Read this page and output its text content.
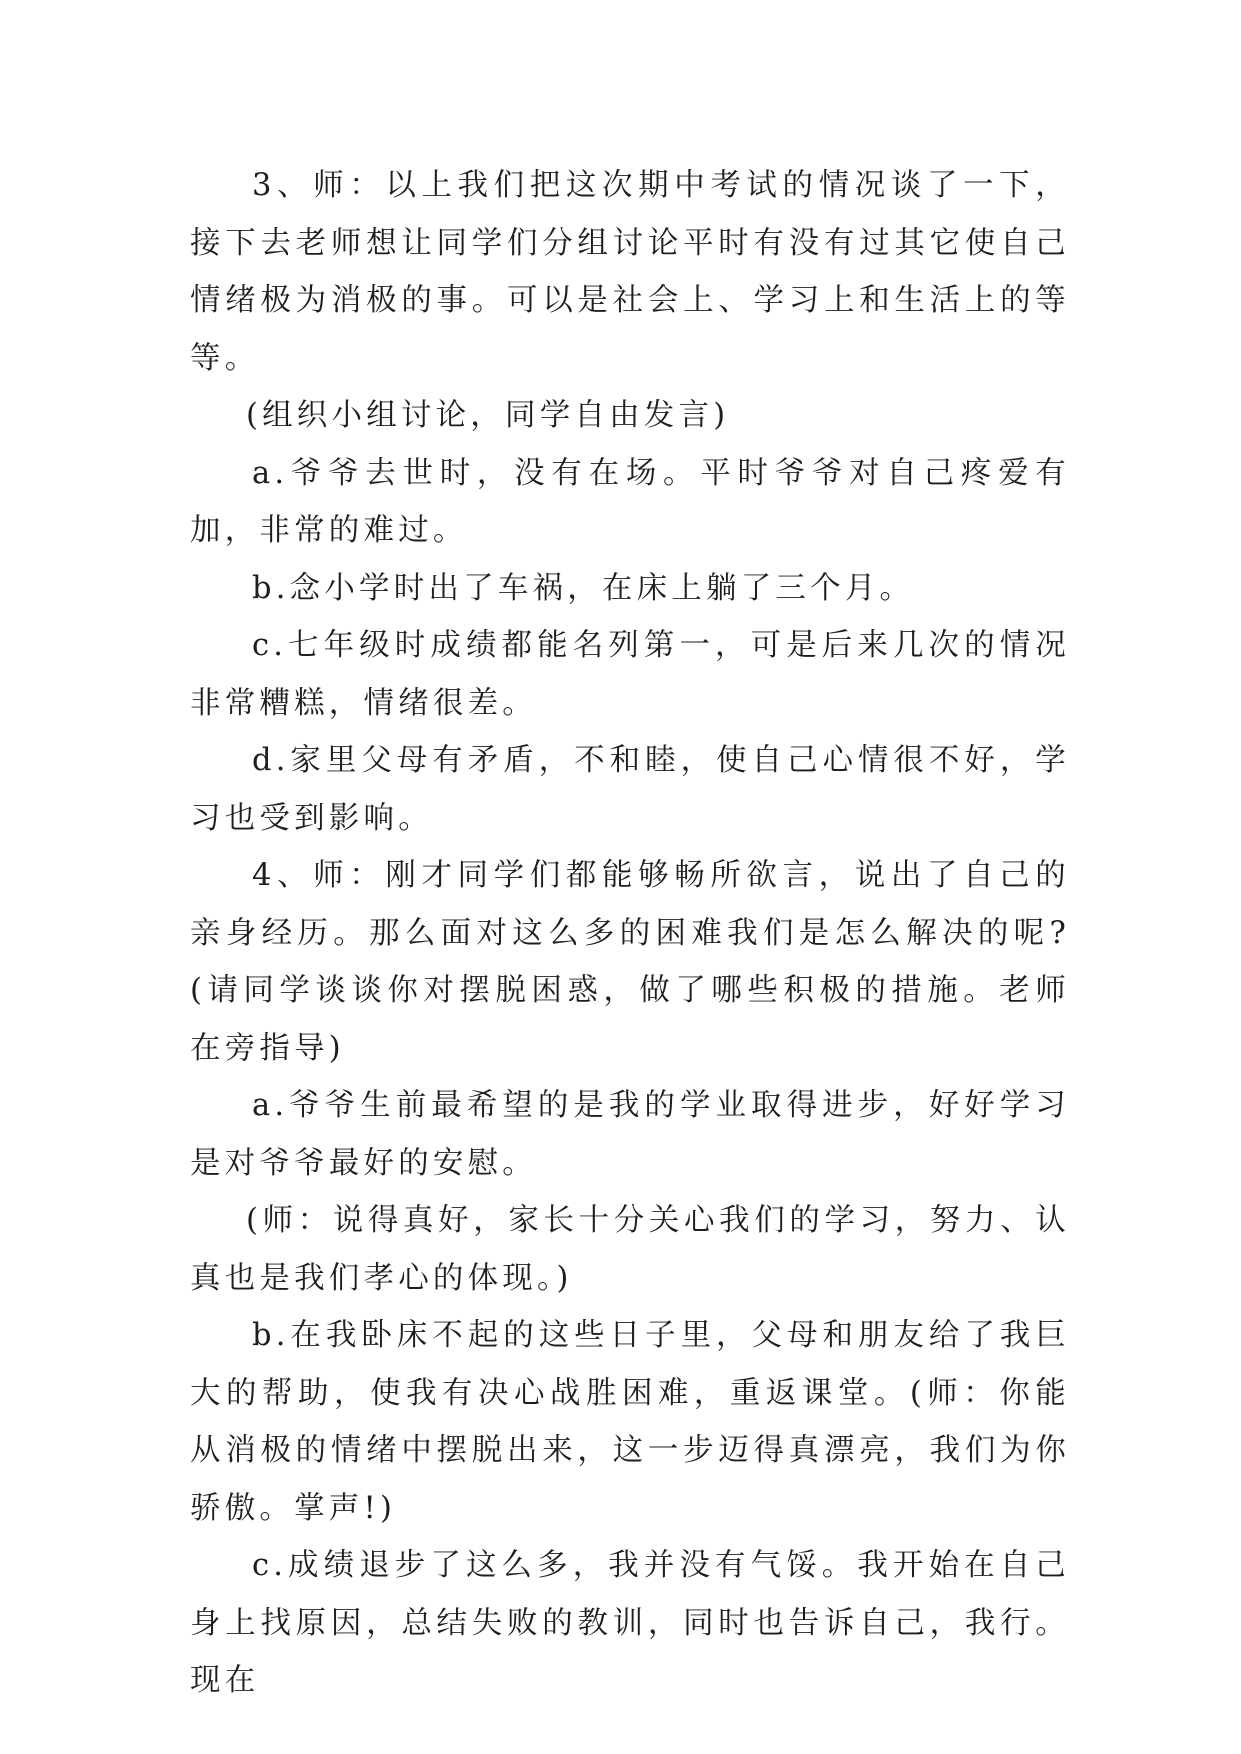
3、师：以上我们把这次期中考试的情况谈了一下，接下去老师想让同学们分组讨论平时有没有过其它使自己情绪极为消极的事。可以是社会上、学习上和生活上的等等。

(组织小组讨论，同学自由发言)

a.爷爷去世时，没有在场。平时爷爷对自己疼爱有加，非常的难过。

b.念小学时出了车祸，在床上躺了三个月。

c.七年级时成绩都能名列第一，可是后来几次的情况非常糟糕，情绪很差。

d.家里父母有矛盾，不和睦，使自己心情很不好，学习也受到影响。

4、师：刚才同学们都能够畅所欲言，说出了自己的亲身经历。那么面对这么多的困难我们是怎么解决的呢?(请同学谈谈你对摆脱困惑，做了哪些积极的措施。老师在旁指导)

a.爷爷生前最希望的是我的学业取得进步，好好学习是对爷爷最好的安慰。

(师：说得真好，家长十分关心我们的学习，努力、认真也是我们孝心的体现。)

b.在我卧床不起的这些日子里，父母和朋友给了我巨大的帮助，使我有决心战胜困难，重返课堂。(师：你能从消极的情绪中摆脱出来，这一步迈得真漂亮，我们为你骄傲。掌声!)

c.成绩退步了这么多，我并没有气馁。我开始在自己身上找原因，总结失败的教训，同时也告诉自己，我行。现在
